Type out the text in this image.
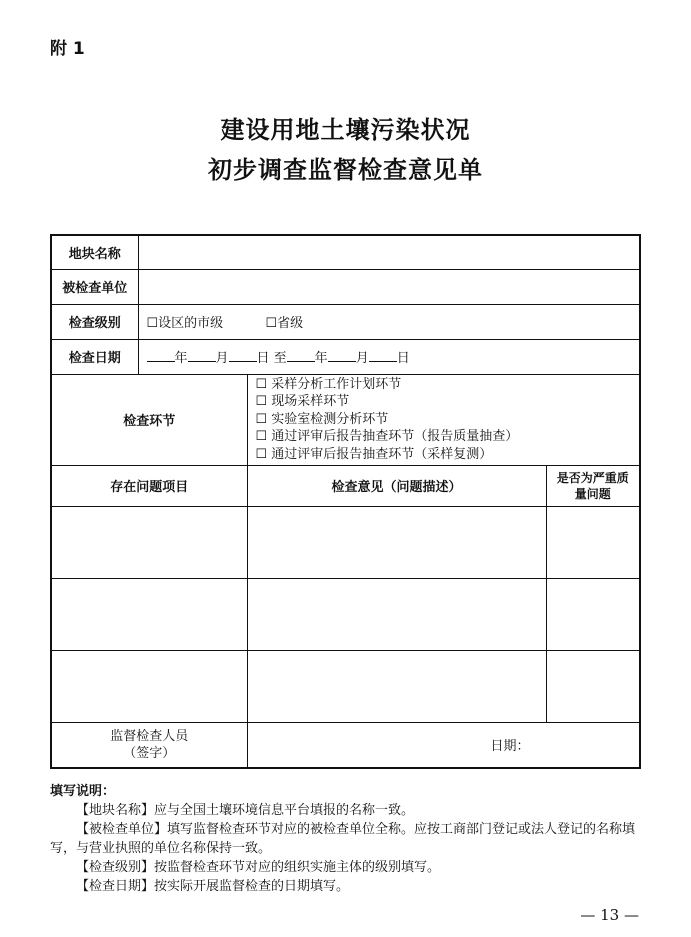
附 1
建设用地土壤污染状况
初步调查监督检查意见单
地块名称			
被检查单位			
检查级别	☐设区的市级 ☐省级		
检查日期	年 月 日 至 年 月 日		
检查环节		☐ 采样分析工作计划环节
☐ 现场采样环节
☐ 实验室检测分析环节
☐ 通过评审后报告抽查环节（报告质量抽查）
☐ 通过评审后报告抽查环节（采样复测）	

存在问题项目		检查意见（问题描述）	是否为严重质量问题

监督检查人员
（签字）		日期：	
填写说明：
【地块名称】应与全国土壤环境信息平台填报的名称一致。
【被检查单位】填写监督检查环节对应的被检查单位全称。应按工商部门登记或法人登记的名称填写，与营业执照的单位名称保持一致。
【检查级别】按监督检查环节对应的组织实施主体的级别填写。
【检查日期】按实际开展监督检查的日期填写。
— 13 —
